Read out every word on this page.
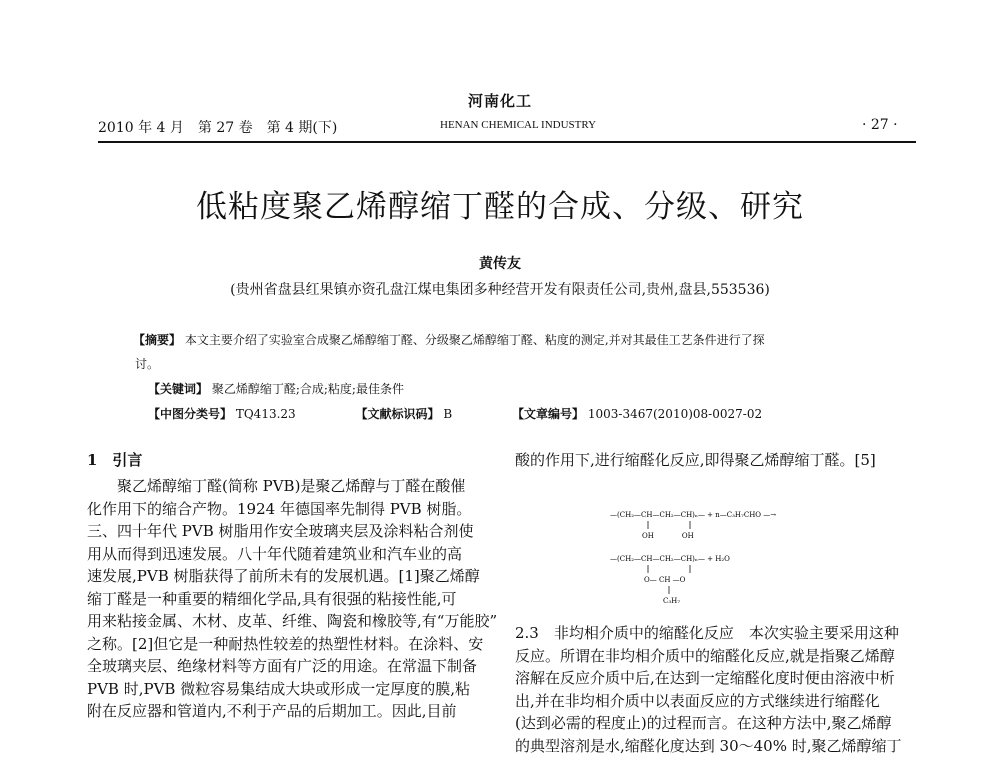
河南化工
2010 年 4 月　第 27 卷　第 4 期(下)	HENAN CHEMICAL INDUSTRY	· 27 ·
低粘度聚乙烯醇缩丁醛的合成、分级、研究
黄传友
(贵州省盘县红果镇亦资孔盘江煤电集团多种经营开发有限责任公司,贵州,盘县,553536)
【摘要】 本文主要介绍了实验室合成聚乙烯醇缩丁醛、分级聚乙烯醇缩丁醛、粘度的测定,并对其最佳工艺条件进行了探
讨。
【关键词】 聚乙烯醇缩丁醛;合成;粘度;最佳条件
【中图分类号】 TQ413.23	【文献标识码】 B	【文章编号】 1003-3467(2010)08-0027-02
1　引言
　　聚乙烯醇缩丁醛(简称 PVB)是聚乙烯醇与丁醛在酸催
化作用下的缩合产物。1924 年德国率先制得 PVB 树脂。
三、四十年代 PVB 树脂用作安全玻璃夹层及涂料粘合剂使
用从而得到迅速发展。八十年代随着建筑业和汽车业的高
速发展,PVB 树脂获得了前所未有的发展机遇。[1]聚乙烯醇
缩丁醛是一种重要的精细化学品,具有很强的粘接性能,可
用来粘接金属、木材、皮革、纤维、陶瓷和橡胶等,有“万能胶”
之称。[2]但它是一种耐热性较差的热塑性材料。在涂料、安
全玻璃夹层、绝缘材料等方面有广泛的用途。在常温下制备
PVB 时,PVB 微粒容易集结成大块或形成一定厚度的膜,粘
附在反应器和管道内,不利于产品的后期加工。因此,目前
酸的作用下,进行缩醛化反应,即得聚乙烯醇缩丁醛。[5]
—(CH₂—CH—CH₂—CH)ₙ— + n—C₃H₇CHO —→
OH　　　　OH
—(CH₂—CH—CH₂—CH)ₙ— + H₂O
O— CH —O
C₃H₇
2.3　非均相介质中的缩醛化反应　本次实验主要采用这种
反应。所谓在非均相介质中的缩醛化反应,就是指聚乙烯醇
溶解在反应介质中后,在达到一定缩醛化度时便由溶液中析
出,并在非均相介质中以表面反应的方式继续进行缩醛化
(达到必需的程度止)的过程而言。在这种方法中,聚乙烯醇
的典型溶剂是水,缩醛化度达到 30～40% 时,聚乙烯醇缩丁
